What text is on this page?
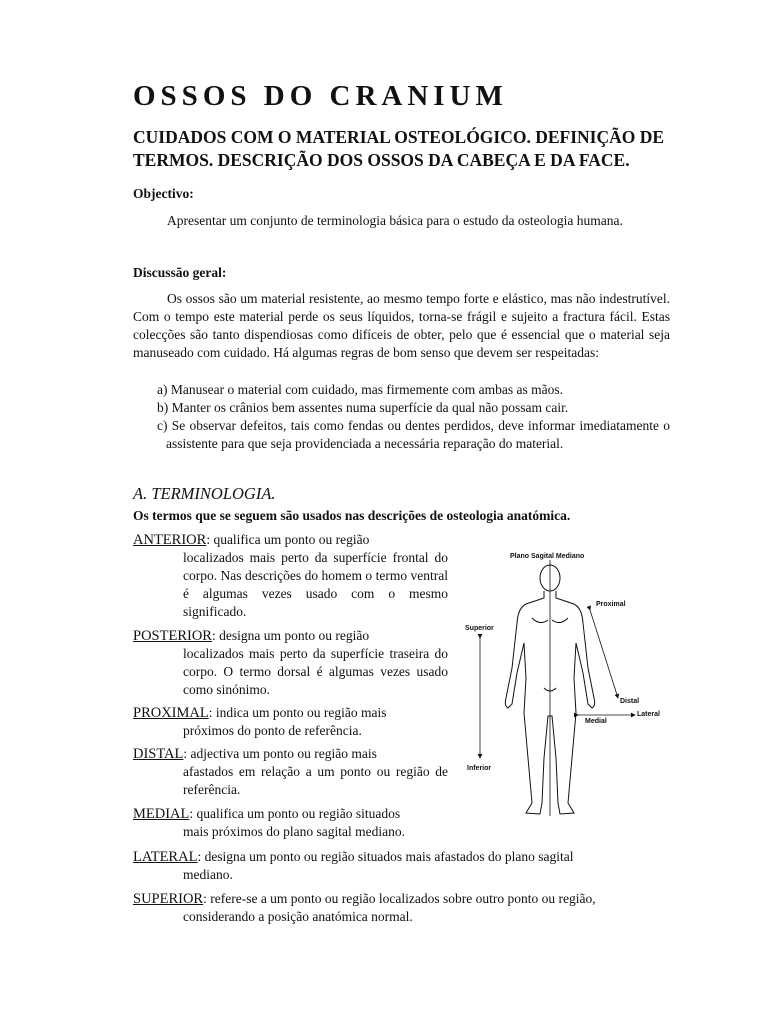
OSSOS DO CRANIUM
CUIDADOS COM O MATERIAL OSTEOLÓGICO. DEFINIÇÃO DE TERMOS. DESCRIÇÃO DOS OSSOS DA CABEÇA E DA FACE.

Objectivo:

Apresentar um conjunto de terminologia básica para o estudo da osteologia humana.

Discussão geral:

Os ossos são um material resistente, ao mesmo tempo forte e elástico, mas não indestrutível. Com o tempo este material perde os seus líquidos, torna-se frágil e sujeito a fractura fácil. Estas colecções são tanto dispendiosas como difíceis de obter, pelo que é essencial que o material seja manuseado com cuidado. Há algumas regras de bom senso que devem ser respeitadas:

a) Manusear o material com cuidado, mas firmemente com ambas as mãos.
b) Manter os crânios bem assentes numa superfície da qual não possam cair.
c) Se observar defeitos, tais como fendas ou dentes perdidos, deve informar imediatamente o assistente para que seja providenciada a necessária reparação do material.

A. TERMINOLOGIA.

Os termos que se seguem são usados nas descrições de osteologia anatómica.

ANTERIOR: qualifica um ponto ou região
localizados mais perto da superfície frontal do corpo. Nas descrições do homem o termo ventral é algumas vezes usado com o mesmo significado.
POSTERIOR: designa um ponto ou região
localizados mais perto da superfície traseira do corpo. O termo dorsal é algumas vezes usado como sinónimo.
PROXIMAL: indica um ponto ou região mais
próximos do ponto de referência.
DISTAL: adjectiva um ponto ou região mais
afastados em relação a um ponto ou região de referência.
MEDIAL: qualifica um ponto ou região situados
mais próximos do plano sagital mediano.
LATERAL: designa um ponto ou região situados mais afastados do plano sagital
mediano.
SUPERIOR: refere-se a um ponto ou região localizados sobre outro ponto ou região,
considerando a posição anatómica normal.
Plano Sagital Mediano
Superior
Inferior
Proximal
Distal
Medial
Lateral
